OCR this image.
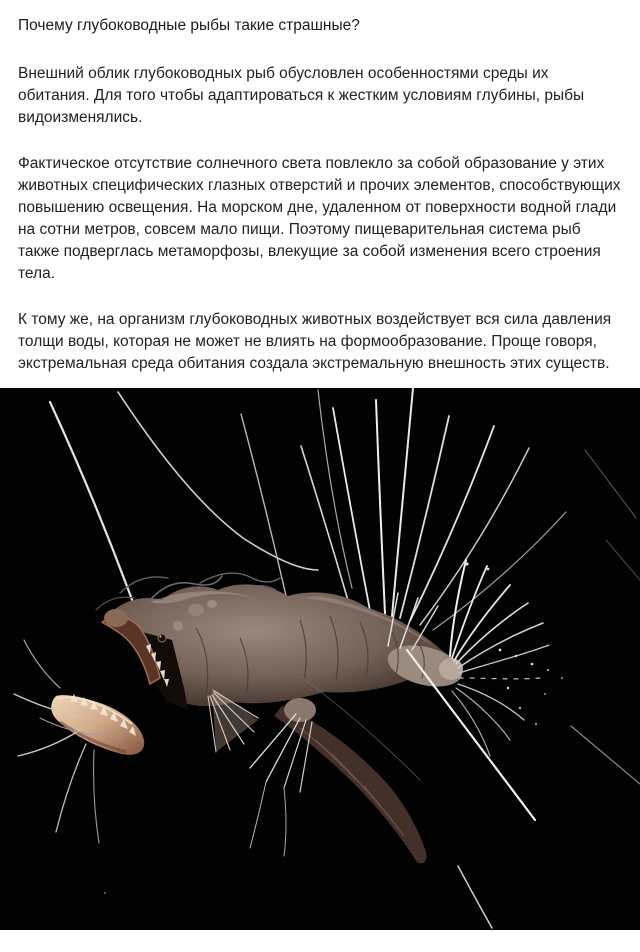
Почему глубоководные рыбы такие страшные?

Внешний облик глубоководных рыб обусловлен особенностями среды их обитания. Для того чтобы адаптироваться к жестким условиям глубины, рыбы видоизменялись.

Фактическое отсутствие солнечного света повлекло за собой образование у этих животных специфических глазных отверстий и прочих элементов, способствующих повышению освещения. На морском дне, удаленном от поверхности водной глади на сотни метров, совсем мало пищи. Поэтому пищеварительная система рыб также подверглась метаморфозы, влекущие за собой изменения всего строения тела.

К тому же, на организм глубоководных животных воздействует вся сила давления толщи воды, которая не может не влиять на формообразование. Проще говоря, экстремальная среда обитания создала экстремальную внешность этих существ.
